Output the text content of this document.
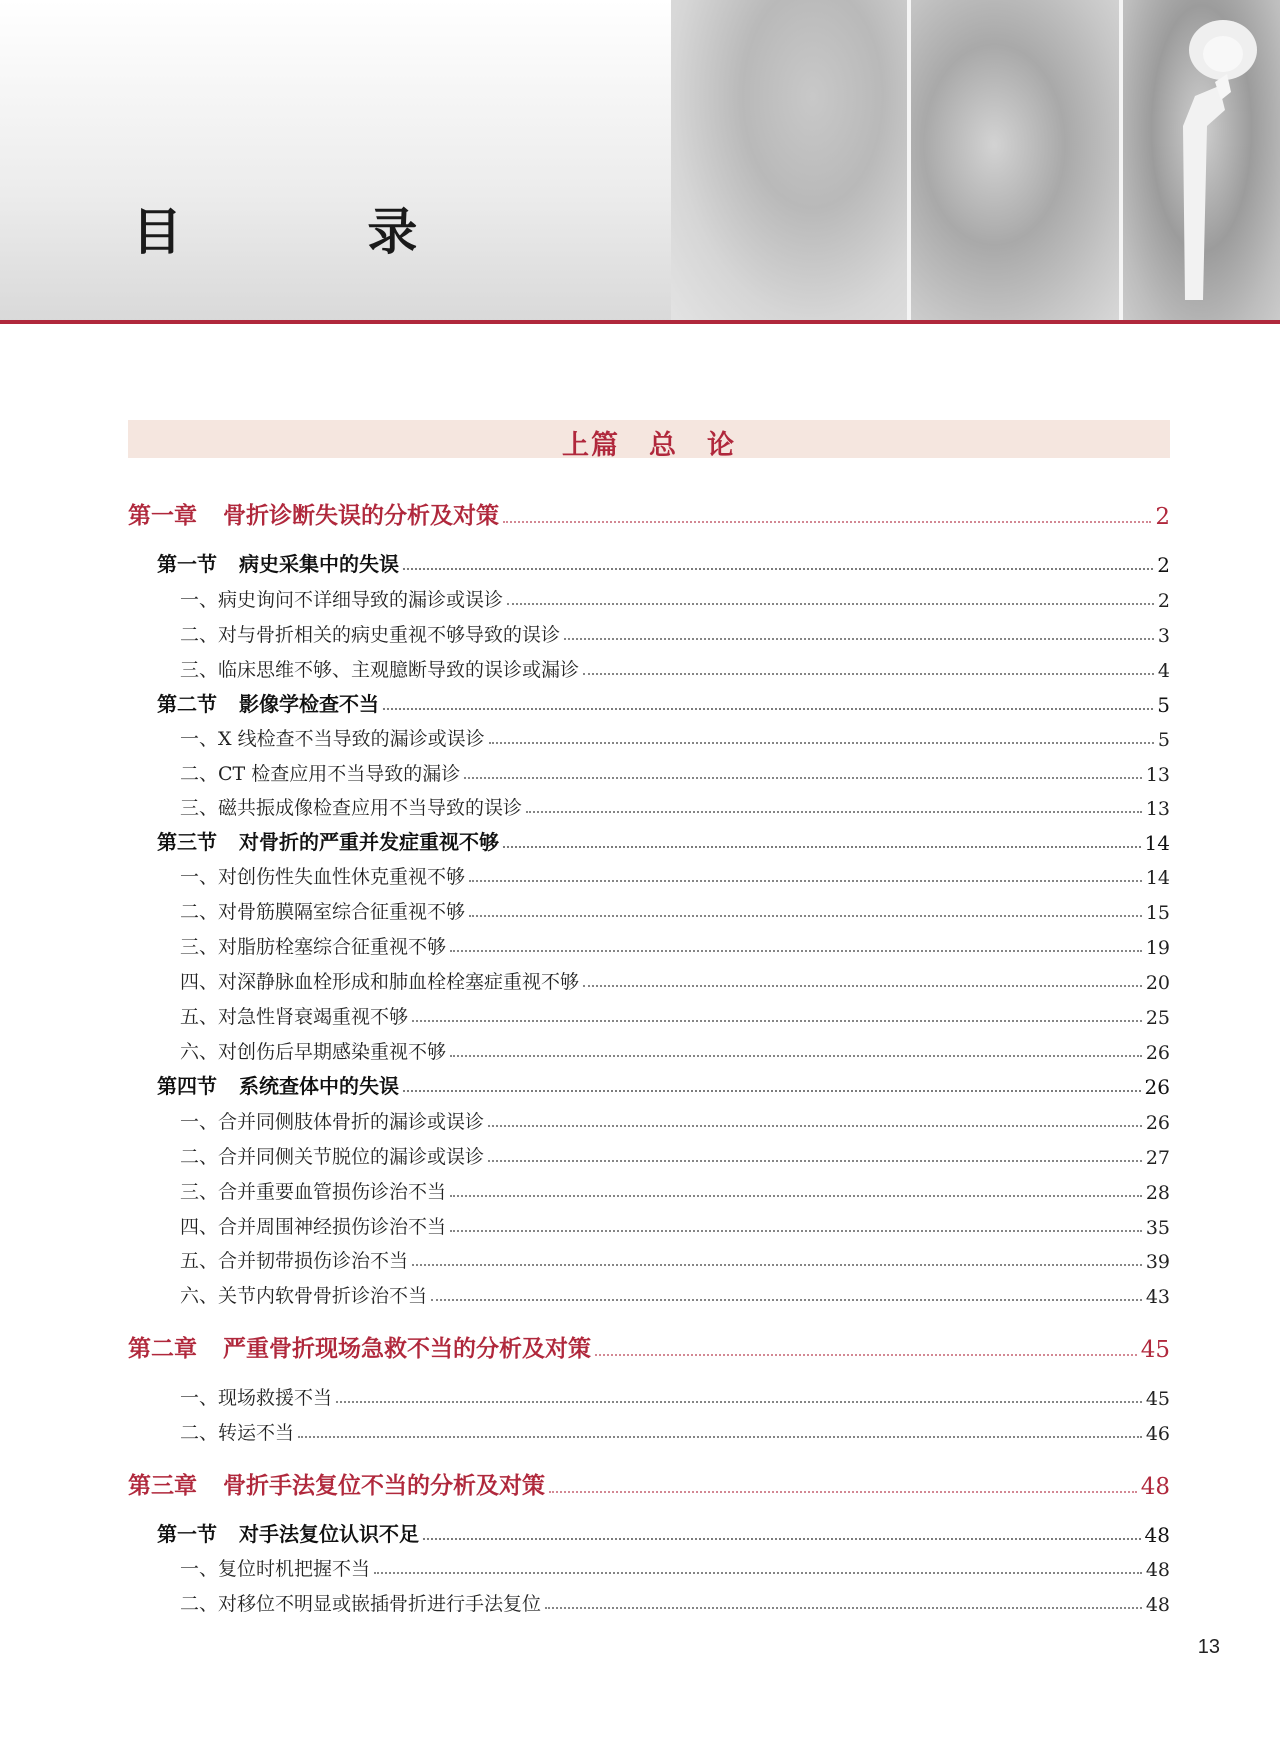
目 录
上篇　总　论
第一章 骨折诊断失误的分析及对策	2
第一节 病史采集中的失误	2
一、病史询问不详细导致的漏诊或误诊	2
二、对与骨折相关的病史重视不够导致的误诊	3
三、临床思维不够、主观臆断导致的误诊或漏诊	4
第二节 影像学检查不当	5
一、X 线检查不当导致的漏诊或误诊	5
二、CT 检查应用不当导致的漏诊	13
三、磁共振成像检查应用不当导致的误诊	13
第三节 对骨折的严重并发症重视不够	14
一、对创伤性失血性休克重视不够	14
二、对骨筋膜隔室综合征重视不够	15
三、对脂肪栓塞综合征重视不够	19
四、对深静脉血栓形成和肺血栓栓塞症重视不够	20
五、对急性肾衰竭重视不够	25
六、对创伤后早期感染重视不够	26
第四节 系统查体中的失误	26
一、合并同侧肢体骨折的漏诊或误诊	26
二、合并同侧关节脱位的漏诊或误诊	27
三、合并重要血管损伤诊治不当	28
四、合并周围神经损伤诊治不当	35
五、合并韧带损伤诊治不当	39
六、关节内软骨骨折诊治不当	43
第二章 严重骨折现场急救不当的分析及对策	45
一、现场救援不当	45
二、转运不当	46
第三章 骨折手法复位不当的分析及对策	48
第一节 对手法复位认识不足	48
一、复位时机把握不当	48
二、对移位不明显或嵌插骨折进行手法复位	48
13
